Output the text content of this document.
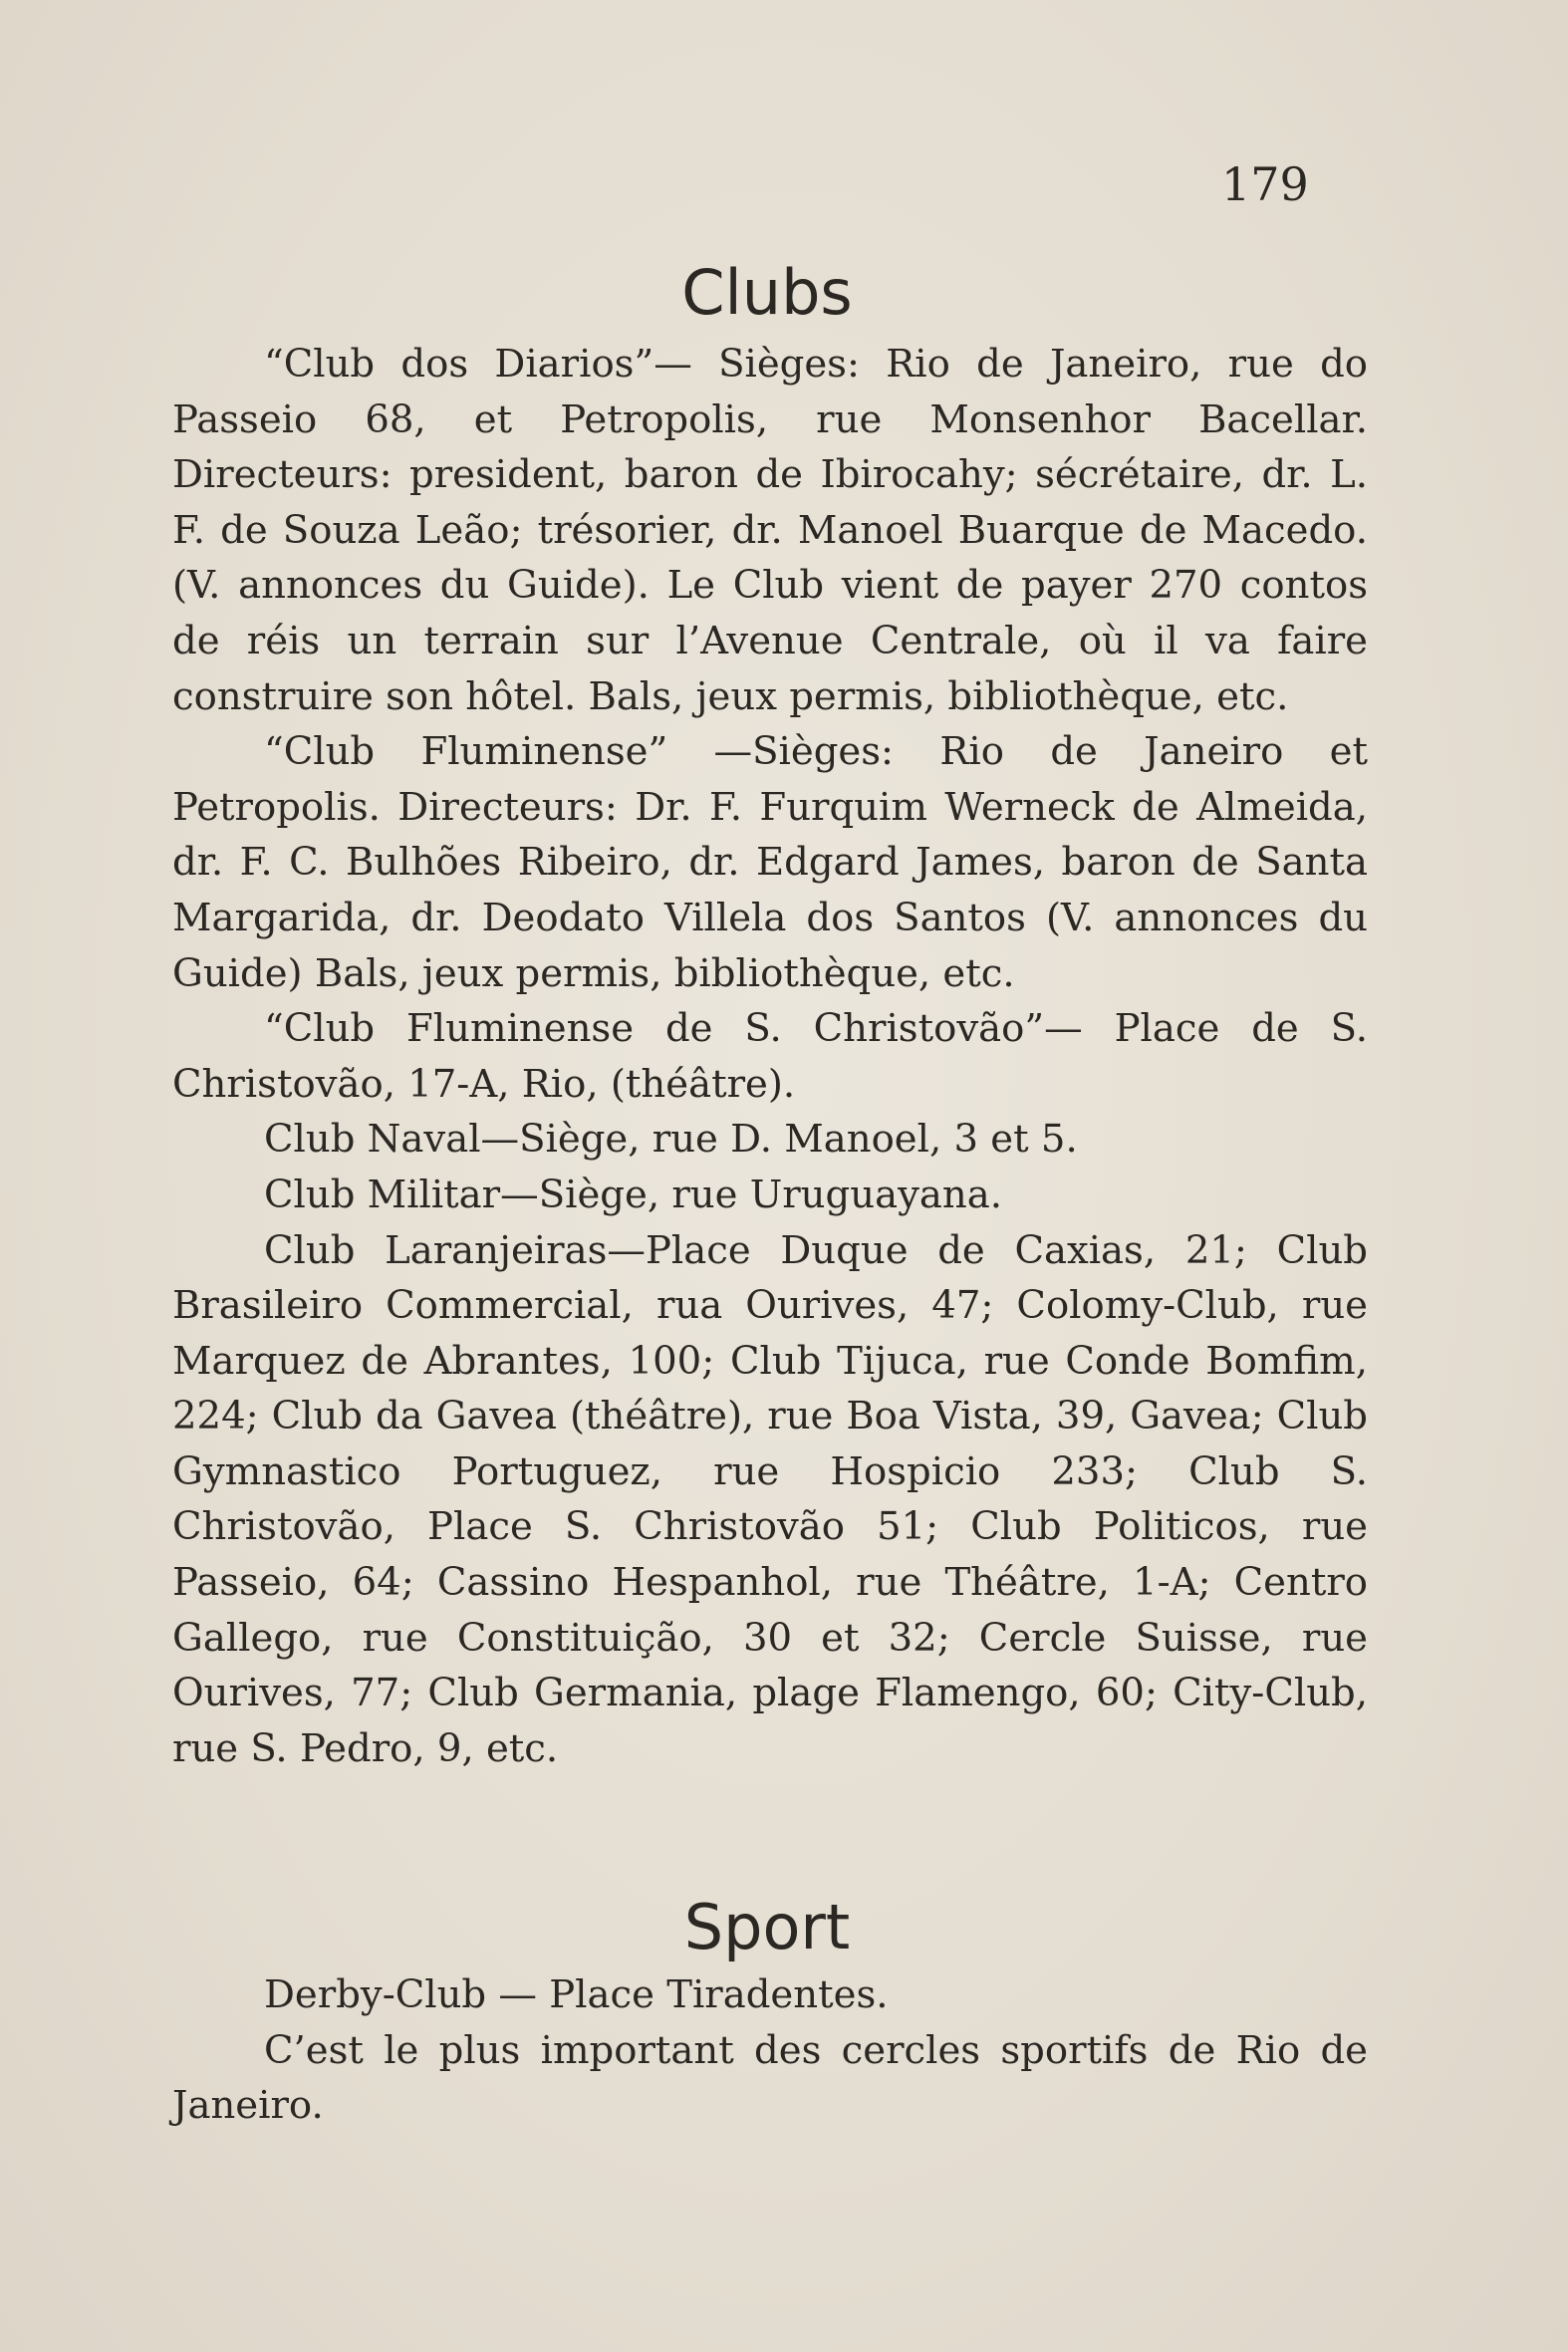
179
Clubs

“Club dos Diarios”— Sièges: Rio de Janeiro, rue do Passeio 68, et Petropolis, rue Monsenhor Bacellar. Directeurs: president, baron de Ibirocahy; sécrétaire, dr. L. F. de Souza Leão; trésorier, dr. Manoel Buarque de Macedo. (V. annonces du Guide). Le Club vient de payer 270 contos de réis un terrain sur l’Avenue Centrale, où il va faire construire son hôtel. Bals, jeux permis, bibliothèque, etc.

“Club Fluminense” —Sièges: Rio de Janeiro et Petropolis. Directeurs: Dr. F. Furquim Werneck de Almeida, dr. F. C. Bulhões Ribeiro, dr. Edgard James, baron de Santa Margarida, dr. Deodato Villela dos Santos (V. annonces du Guide) Bals, jeux permis, bibliothèque, etc.

“Club Fluminense de S. Christovão”— Place de S. Christovão, 17-A, Rio, (théâtre).

Club Naval—Siège, rue D. Manoel, 3 et 5.

Club Militar—Siège, rue Uruguayana.

Club Laranjeiras—Place Duque de Caxias, 21; Club Brasileiro Commercial, rua Ourives, 47; Colomy-Club, rue Marquez de Abrantes, 100; Club Tijuca, rue Conde Bomfim, 224; Club da Gavea (théâtre), rue Boa Vista, 39, Gavea; Club Gymnastico Portuguez, rue Hospicio 233; Club S. Christovão, Place S. Christovão 51; Club Politicos, rue Passeio, 64; Cassino Hespanhol, rue Théâtre, 1-A; Centro Gallego, rue Constituição, 30 et 32; Cercle Suisse, rue Ourives, 77; Club Germania, plage Flamengo, 60; City-Club, rue S. Pedro, 9, etc.

Sport

Derby-Club — Place Tiradentes.

C’est le plus important des cercles sportifs de Rio de Janeiro.
